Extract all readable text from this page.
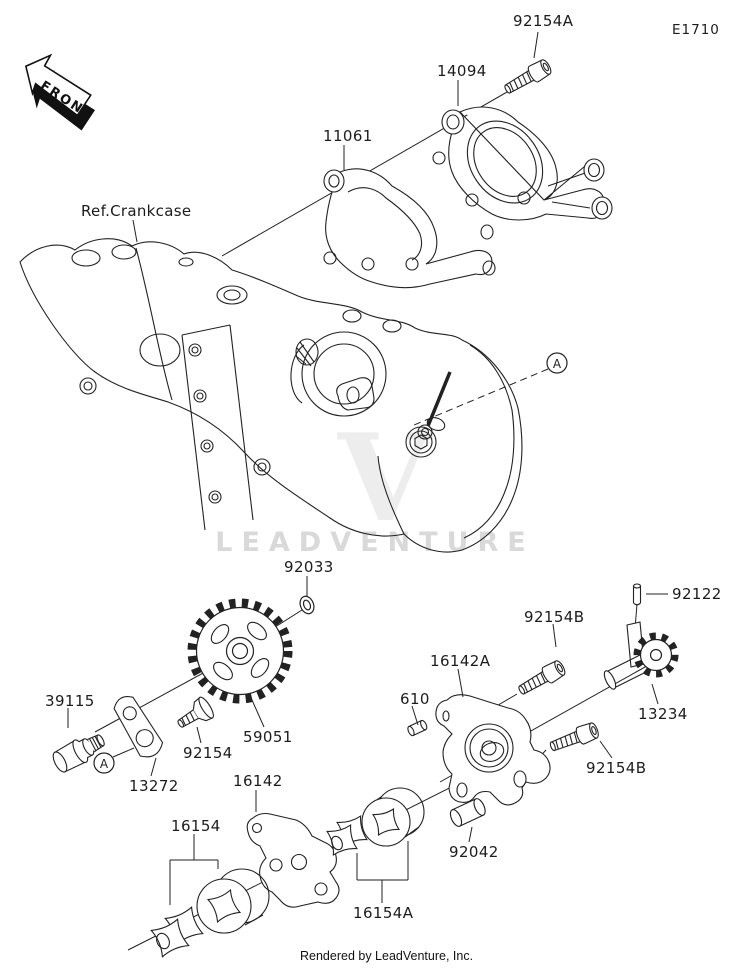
V
LEADVENTURE
FRONT
A
A
92154A	E1710
14094
11061
Ref.Crankcase
92033
92122
92154B
16142A
610
39115
13234
59051
92154
92154B
13272	16142
16154
92042
16154A
Rendered by LeadVenture, Inc.
